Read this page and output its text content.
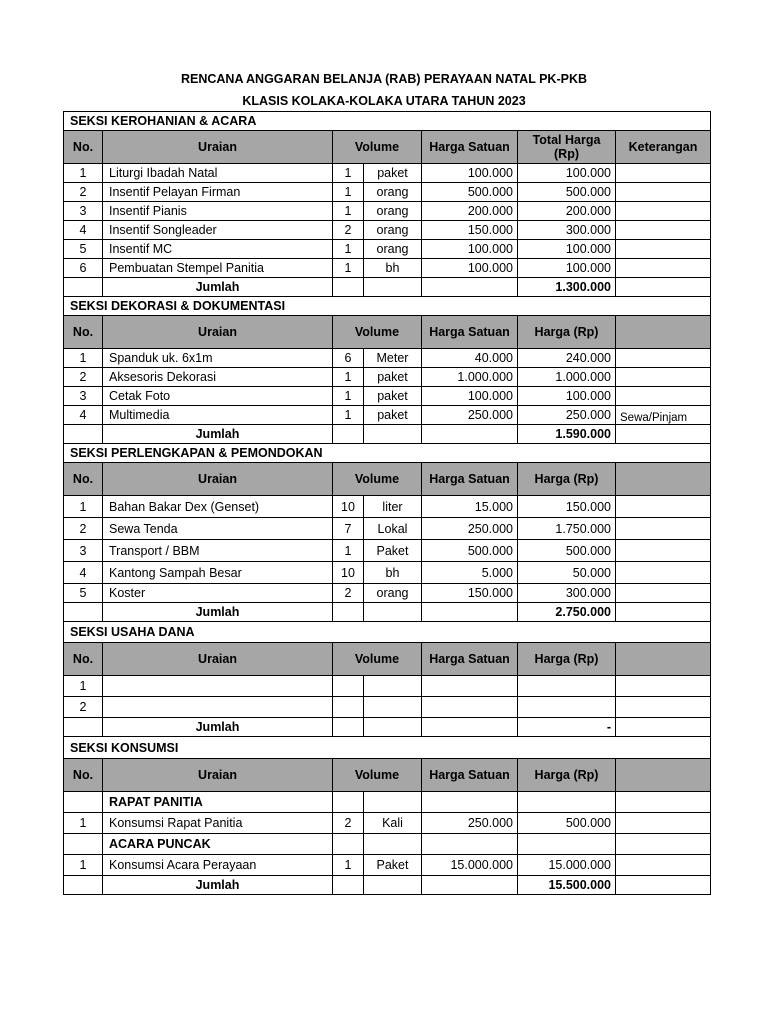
RENCANA ANGGARAN BELANJA (RAB) PERAYAAN NATAL PK-PKB
KLASIS KOLAKA-KOLAKA UTARA TAHUN 2023
SEKSI KEROHANIAN & ACARA						
No.	Uraian	Volume		Harga Satuan	Total Harga (Rp)	Keterangan
1	Liturgi Ibadah Natal	1	paket	100.000	100.000	
2	Insentif Pelayan Firman	1	orang	500.000	500.000	
3	Insentif Pianis	1	orang	200.000	200.000	
4	Insentif Songleader	2	orang	150.000	300.000	
5	Insentif MC	1	orang	100.000	100.000	
6	Pembuatan Stempel Panitia	1	bh	100.000	100.000	
	Jumlah				1.300.000	
SEKSI DEKORASI & DOKUMENTASI						
No.	Uraian	Volume		Harga Satuan	Harga (Rp)	
1	Spanduk uk. 6x1m	6	Meter	40.000	240.000	
2	Aksesoris Dekorasi	1	paket	1.000.000	1.000.000	
3	Cetak Foto	1	paket	100.000	100.000	
4	Multimedia	1	paket	250.000	250.000	Sewa/Pinjam
	Jumlah				1.590.000	
SEKSI PERLENGKAPAN & PEMONDOKAN						
No.	Uraian	Volume		Harga Satuan	Harga (Rp)	
1	Bahan Bakar Dex (Genset)	10	liter	15.000	150.000	
2	Sewa Tenda	7	Lokal	250.000	1.750.000	
3	Transport / BBM	1	Paket	500.000	500.000	
4	Kantong Sampah Besar	10	bh	5.000	50.000	
5	Koster	2	orang	150.000	300.000	
	Jumlah				2.750.000	
SEKSI USAHA DANA						
No.	Uraian	Volume		Harga Satuan	Harga (Rp)	
1						
2						
	Jumlah				-	
SEKSI KONSUMSI						
No.	Uraian	Volume		Harga Satuan	Harga (Rp)	
	RAPAT PANITIA					
1	Konsumsi Rapat Panitia	2	Kali	250.000	500.000	
	ACARA PUNCAK					
1	Konsumsi Acara Perayaan	1	Paket	15.000.000	15.000.000	
	Jumlah				15.500.000	
